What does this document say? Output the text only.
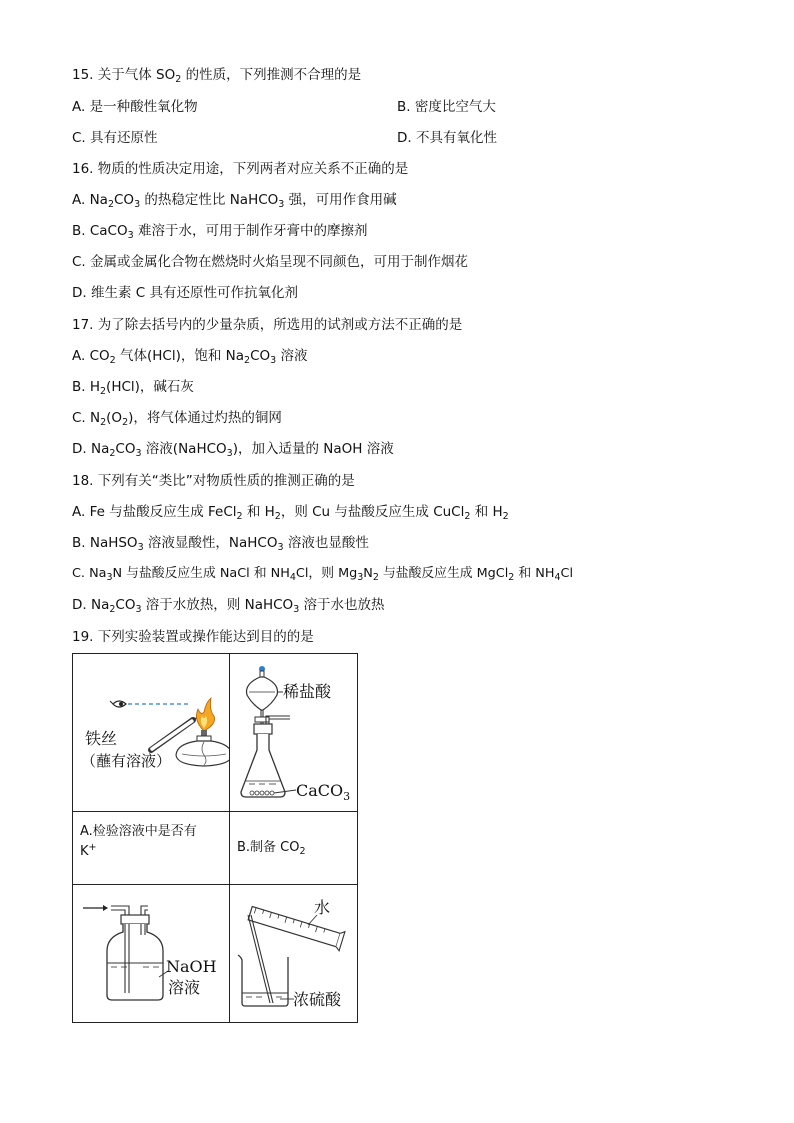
15. 关于气体 $SO_2$ 的性质，下列推测不合理的是
A. 是一种酸性氧化物	B. 密度比空气大
C. 具有还原性	D. 不具有氧化性
16. 物质的性质决定用途，下列两者对应关系不正确的是
A. $Na_2CO_3$ 的热稳定性比 NaHCO$_3$ 强，可用作食用碱
B. CaCO$_3$ 难溶于水，可用于制作牙膏中的摩擦剂
C. 金属或金属化合物在燃烧时火焰呈现不同颜色，可用于制作烟花
D. 维生素 C 具有还原性可作抗氧化剂
17. 为了除去括号内的少量杂质，所选用的试剂或方法不正确的是
A. $CO_2$ 气体(HCl)，饱和 $Na_2CO_3$ 溶液
B. $H_2(HCl)$，碱石灰
C. $N_2(O_2)$，将气体通过灼热的铜网
D. $Na_2CO_3$ 溶液(NaHCO$_3$)，加入适量的 NaOH 溶液
18. 下列有关“类比”对物质性质的推测正确的是
A. Fe 与盐酸反应生成 FeCl$_2$ 和 $H_2$，则 Cu 与盐酸反应生成 CuCl$_2$ 和 $H_2$
B. NaHSO$_3$ 溶液显酸性，NaHCO$_3$ 溶液也显酸性
C. $Na_3N$ 与盐酸反应生成 NaCl 和 $NH_4Cl$，则 $Mg_3N_2$ 与盐酸反应生成 MgCl$_2$ 和 $NH_4Cl$
D. $Na_2CO_3$ 溶于水放热，则 NaHCO$_3$ 溶于水也放热
19. 下列实验装置或操作能达到目的的是
铁丝
（蘸有溶液）	稀盐酸
CaCO$_3$

A.检验溶液中是否有
K+	B.制备 $CO_2$

NaOH
溶液	水
浓硫酸
